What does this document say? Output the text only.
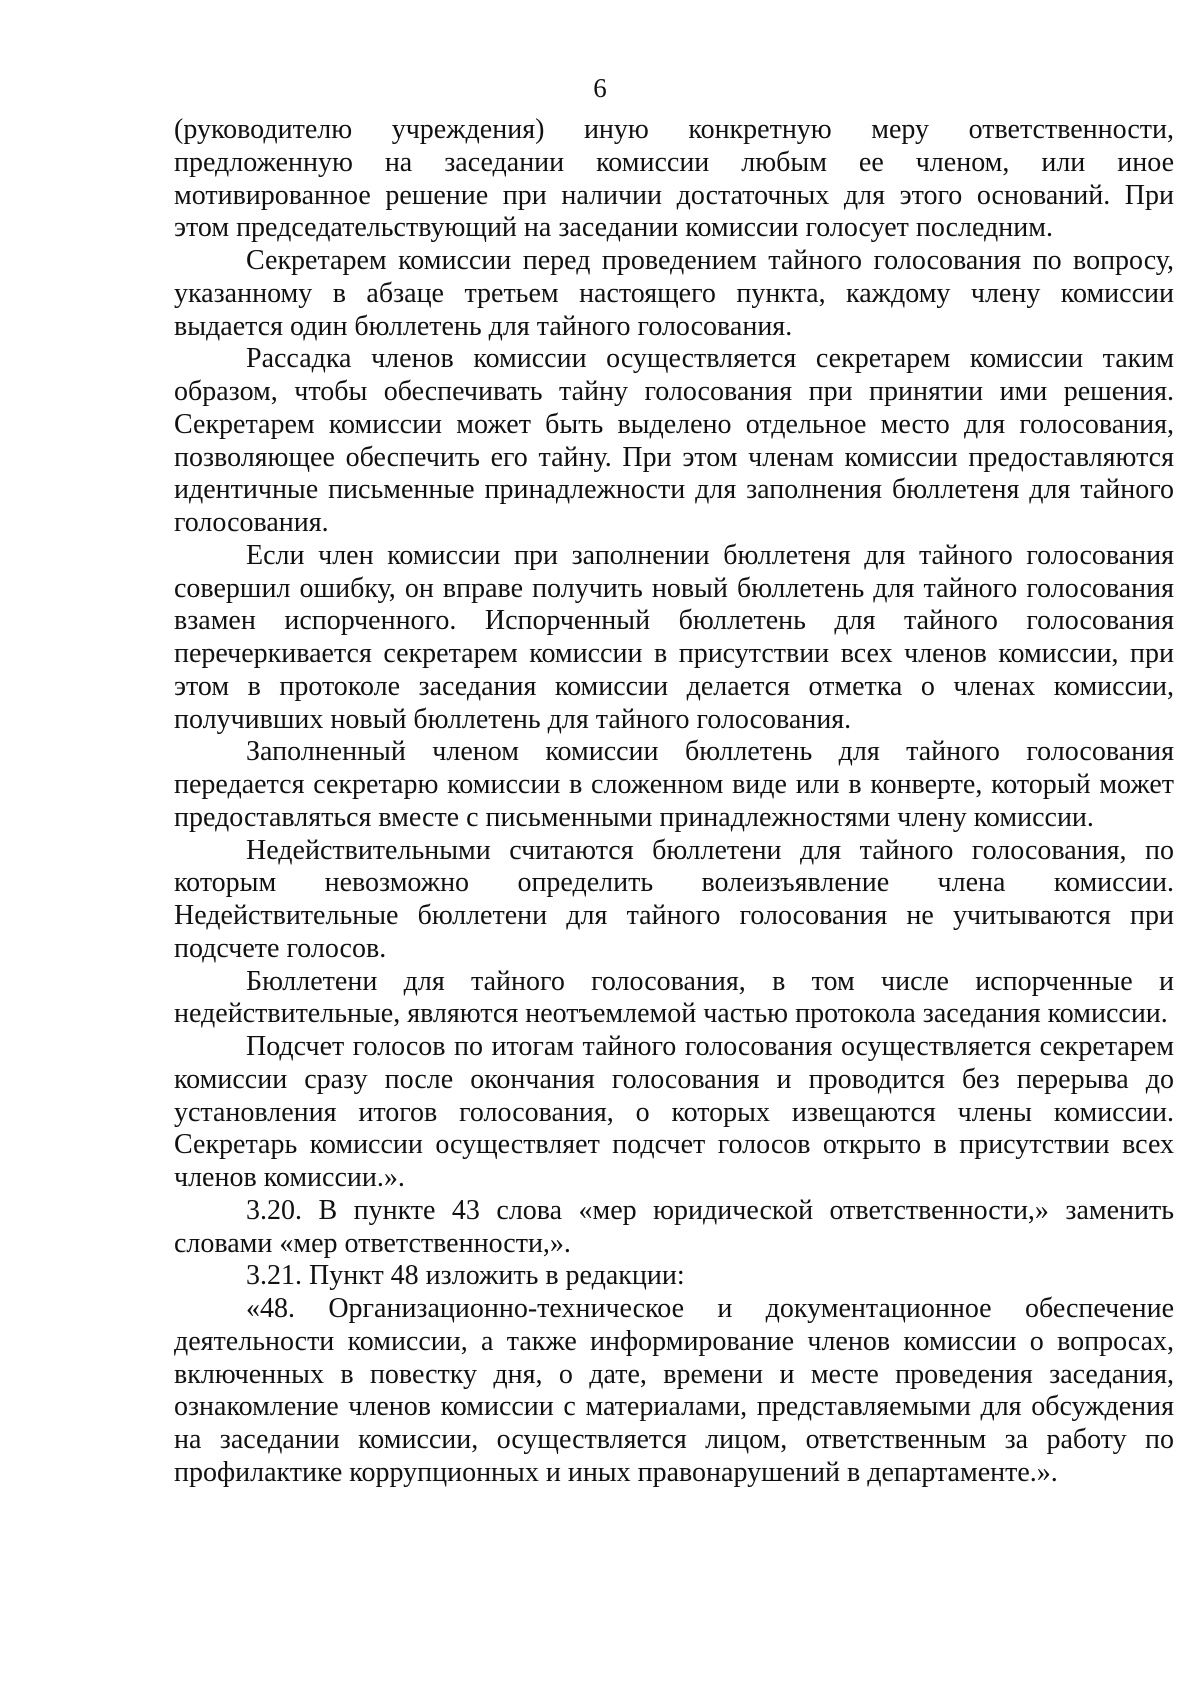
6

(руководителю учреждения) иную конкретную меру ответственности, предложенную на заседании комиссии любым ее членом, или иное мотивированное решение при наличии достаточных для этого оснований. При этом председательствующий на заседании комиссии голосует последним.

Секретарем комиссии перед проведением тайного голосования по вопросу, указанному в абзаце третьем настоящего пункта, каждому члену комиссии выдается один бюллетень для тайного голосования.

Рассадка членов комиссии осуществляется секретарем комиссии таким образом, чтобы обеспечивать тайну голосования при принятии ими решения. Секретарем комиссии может быть выделено отдельное место для голосования, позволяющее обеспечить его тайну. При этом членам комиссии предоставляются идентичные письменные принадлежности для заполнения бюллетеня для тайного голосования.

Если член комиссии при заполнении бюллетеня для тайного голосования совершил ошибку, он вправе получить новый бюллетень для тайного голосования взамен испорченного. Испорченный бюллетень для тайного голосования перечеркивается секретарем комиссии в присутствии всех членов комиссии, при этом в протоколе заседания комиссии делается отметка о членах комиссии, получивших новый бюллетень для тайного голосования.

Заполненный членом комиссии бюллетень для тайного голосования передается секретарю комиссии в сложенном виде или в конверте, который может предоставляться вместе с письменными принадлежностями члену комиссии.

Недействительными считаются бюллетени для тайного голосования, по которым невозможно определить волеизъявление члена комиссии. Недействительные бюллетени для тайного голосования не учитываются при подсчете голосов.

Бюллетени для тайного голосования, в том числе испорченные и недействительные, являются неотъемлемой частью протокола заседания комиссии.

Подсчет голосов по итогам тайного голосования осуществляется секретарем комиссии сразу после окончания голосования и проводится без перерыва до установления итогов голосования, о которых извещаются члены комиссии. Секретарь комиссии осуществляет подсчет голосов открыто в присутствии всех членов комиссии.».

3.20. В пункте 43 слова «мер юридической ответственности,» заменить словами «мер ответственности,».

3.21. Пункт 48 изложить в редакции:

«48. Организационно-техническое и документационное обеспечение деятельности комиссии, а также информирование членов комиссии о вопросах, включенных в повестку дня, о дате, времени и месте проведения заседания, ознакомление членов комиссии с материалами, представляемыми для обсуждения на заседании комиссии, осуществляется лицом, ответственным за работу по профилактике коррупционных и иных правонарушений в департаменте.».
